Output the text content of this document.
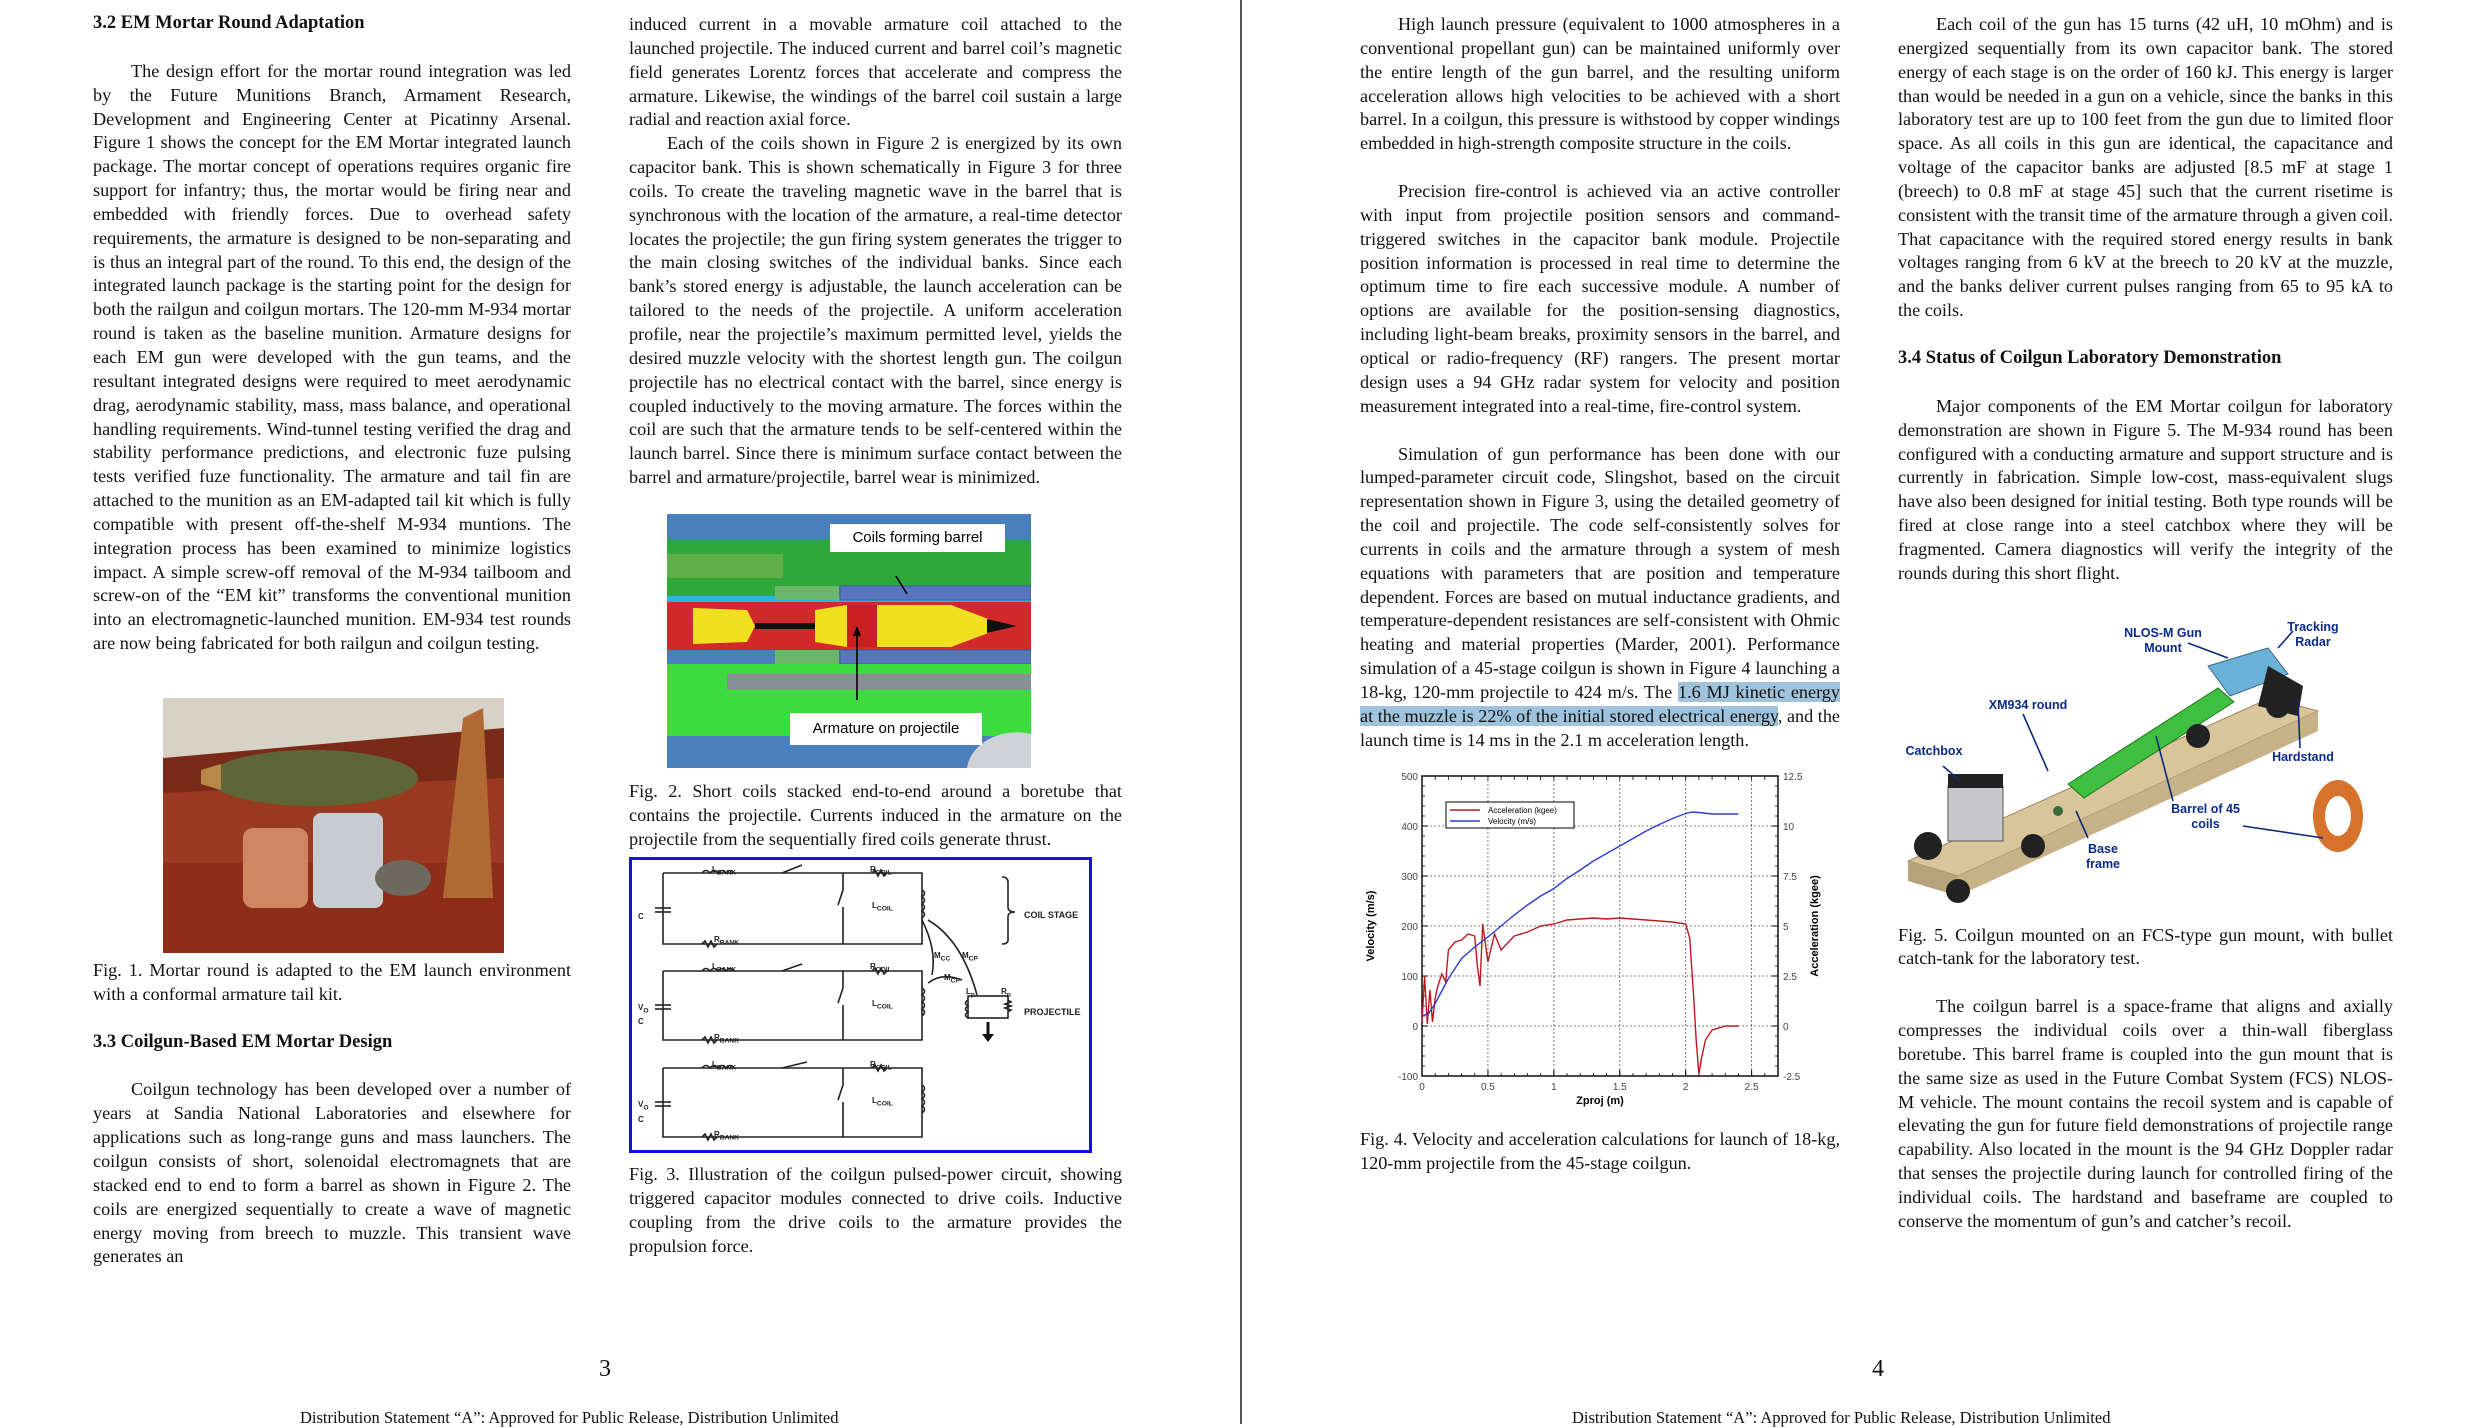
3.2 EM Mortar Round Adaptation

The design effort for the mortar round integration was led by the Future Munitions Branch, Armament Research, Development and Engineering Center at Picatinny Arsenal. Figure 1 shows the concept for the EM Mortar integrated launch package. The mortar concept of operations requires organic fire support for infantry; thus, the mortar would be firing near and embedded with friendly forces. Due to overhead safety requirements, the armature is designed to be non-separating and is thus an integral part of the round. To this end, the design of the integrated launch package is the starting point for the design for both the railgun and coilgun mortars. The 120-mm M-934 mortar round is taken as the baseline munition. Armature designs for each EM gun were developed with the gun teams, and the resultant integrated designs were required to meet aerodynamic drag, aerodynamic stability, mass, mass balance, and operational handling requirements. Wind-tunnel testing verified the drag and stability performance predictions, and electronic fuze pulsing tests verified fuze functionality. The armature and tail fin are attached to the munition as an EM-adapted tail kit which is fully compatible with present off-the-shelf M-934 muntions. The integration process has been examined to minimize logistics impact. A simple screw-off removal of the M-934 tailboom and screw-on of the “EM kit” transforms the conventional munition into an electromagnetic-launched munition. EM-934 test rounds are now being fabricated for both railgun and coilgun testing.

Fig. 1. Mortar round is adapted to the EM launch environment with a conformal armature tail kit.

3.3 Coilgun-Based EM Mortar Design

Coilgun technology has been developed over a number of years at Sandia National Laboratories and elsewhere for applications such as long-range guns and mass launchers. The coilgun consists of short, solenoidal electromagnets that are stacked end to end to form a barrel as shown in Figure 2. The coils are energized sequentially to create a wave of magnetic energy moving from breech to muzzle. This transient wave generates an

induced current in a movable armature coil attached to the launched projectile. The induced current and barrel coil’s magnetic field generates Lorentz forces that accelerate and compress the armature. Likewise, the windings of the barrel coil sustain a large radial and reaction axial force.

Each of the coils shown in Figure 2 is energized by its own capacitor bank. This is shown schematically in Figure 3 for three coils. To create the traveling magnetic wave in the barrel that is synchronous with the location of the armature, a real-time detector locates the projectile; the gun firing system generates the trigger to the main closing switches of the individual banks. Since each bank’s stored energy is adjustable, the launch acceleration can be tailored to the needs of the projectile. A uniform acceleration profile, near the projectile’s maximum permitted level, yields the desired muzzle velocity with the shortest length gun. The coilgun projectile has no electrical contact with the barrel, since energy is coupled inductively to the moving armature. The forces within the coil are such that the armature tends to be self-centered within the launch barrel. Since there is minimum surface contact between the barrel and armature/projectile, barrel wear is minimized.

Coils forming barrel
Armature on projectile

Fig. 2. Short coils stacked end-to-end around a boretube that contains the projectile. Currents induced in the armature on the projectile from the sequentially fired coils generate thrust.

$L_{BANK}$	$R_{COIL}$
$L_{COIL}$
$R_{BANK}$
C
$L_{BANK}$	$R_{COIL}$
$L_{COIL}$
$R_{BANK}$
$V_O$
C
$L_{BANK}$	$R_{COIL}$
$L_{COIL}$
$R_{BANK}$
$V_O$
C
COIL STAGE
PROJECTILE
$M_{CC}$ $M_{CP}$
$M_{CP}$
$L_p$	$R_p$

Fig. 3. Illustration of the coilgun pulsed-power circuit, showing triggered capacitor modules connected to drive coils. Inductive coupling from the drive coils to the armature provides the propulsion force.

3
Distribution Statement “A”: Approved for Public Release, Distribution Unlimited

High launch pressure (equivalent to 1000 atmospheres in a conventional propellant gun) can be maintained uniformly over the entire length of the gun barrel, and the resulting uniform acceleration allows high velocities to be achieved with a short barrel. In a coilgun, this pressure is withstood by copper windings embedded in high-strength composite structure in the coils.

Precision fire-control is achieved via an active controller with input from projectile position sensors and command-triggered switches in the capacitor bank module. Projectile position information is processed in real time to determine the optimum time to fire each successive module. A number of options are available for the position-sensing diagnostics, including light-beam breaks, proximity sensors in the barrel, and optical or radio-frequency (RF) rangers. The present mortar design uses a 94 GHz radar system for velocity and position measurement integrated into a real-time, fire-control system.

Simulation of gun performance has been done with our lumped-parameter circuit code, Slingshot, based on the circuit representation shown in Figure 3, using the detailed geometry of the coil and projectile. The code self-consistently solves for currents in coils and the armature through a system of mesh equations with parameters that are position and temperature dependent. Forces are based on mutual inductance gradients, and temperature-dependent resistances are self-consistent with Ohmic heating and material properties (Marder, 2001). Performance simulation of a 45-stage coilgun is shown in Figure 4 launching a 18-kg, 120-mm projectile to 424 m/s. The 1.6 MJ kinetic energy at the muzzle is 22% of the initial stored electrical energy, and the launch time is 14 ms in the 2.1 m acceleration length.

0	0.5	1	1.5	2	2.5
-100
0
100
200
300
400
500
-2.5
0
2.5
5
7.5
10
12.5
Zproj (m)
Velocity (m/s)	Acceleration (kgee)
Acceleration (kgee)
Velocity (m/s)

Fig. 4. Velocity and acceleration calculations for launch of 18-kg, 120-mm projectile from the 45-stage coilgun.

Each coil of the gun has 15 turns (42 uH, 10 mOhm) and is energized sequentially from its own capacitor bank. The stored energy of each stage is on the order of 160 kJ. This energy is larger than would be needed in a gun on a vehicle, since the banks in this laboratory test are up to 100 feet from the gun due to limited floor space. As all coils in this gun are identical, the capacitance and voltage of the capacitor banks are adjusted [8.5 mF at stage 1 (breech) to 0.8 mF at stage 45] such that the current risetime is consistent with the transit time of the armature through a given coil. That capacitance with the required stored energy results in bank voltages ranging from 6 kV at the breech to 20 kV at the muzzle, and the banks deliver current pulses ranging from 65 to 95 kA to the coils.

3.4 Status of Coilgun Laboratory Demonstration

Major components of the EM Mortar coilgun for laboratory demonstration are shown in Figure 5. The M-934 round has been configured with a conducting armature and support structure and is currently in fabrication. Simple low-cost, mass-equivalent slugs have also been designed for initial testing. Both type rounds will be fired at close range into a steel catchbox where they will be fragmented. Camera diagnostics will verify the integrity of the rounds during this short flight.

NLOS-M Gun
Mount
Tracking
Radar
XM934 round
Catchbox	Hardstand
Barrel of 45
coils
Base
frame

Fig. 5. Coilgun mounted on an FCS-type gun mount, with bullet catch-tank for the laboratory test.

The coilgun barrel is a space-frame that aligns and axially compresses the individual coils over a thin-wall fiberglass boretube. This barrel frame is coupled into the gun mount that is the same size as used in the Future Combat System (FCS) NLOS-M vehicle. The mount contains the recoil system and is capable of elevating the gun for future field demonstrations of projectile range capability. Also located in the mount is the 94 GHz Doppler radar that senses the projectile during launch for controlled firing of the individual coils. The hardstand and baseframe are coupled to conserve the momentum of gun’s and catcher’s recoil.

4
Distribution Statement “A”: Approved for Public Release, Distribution Unlimited
